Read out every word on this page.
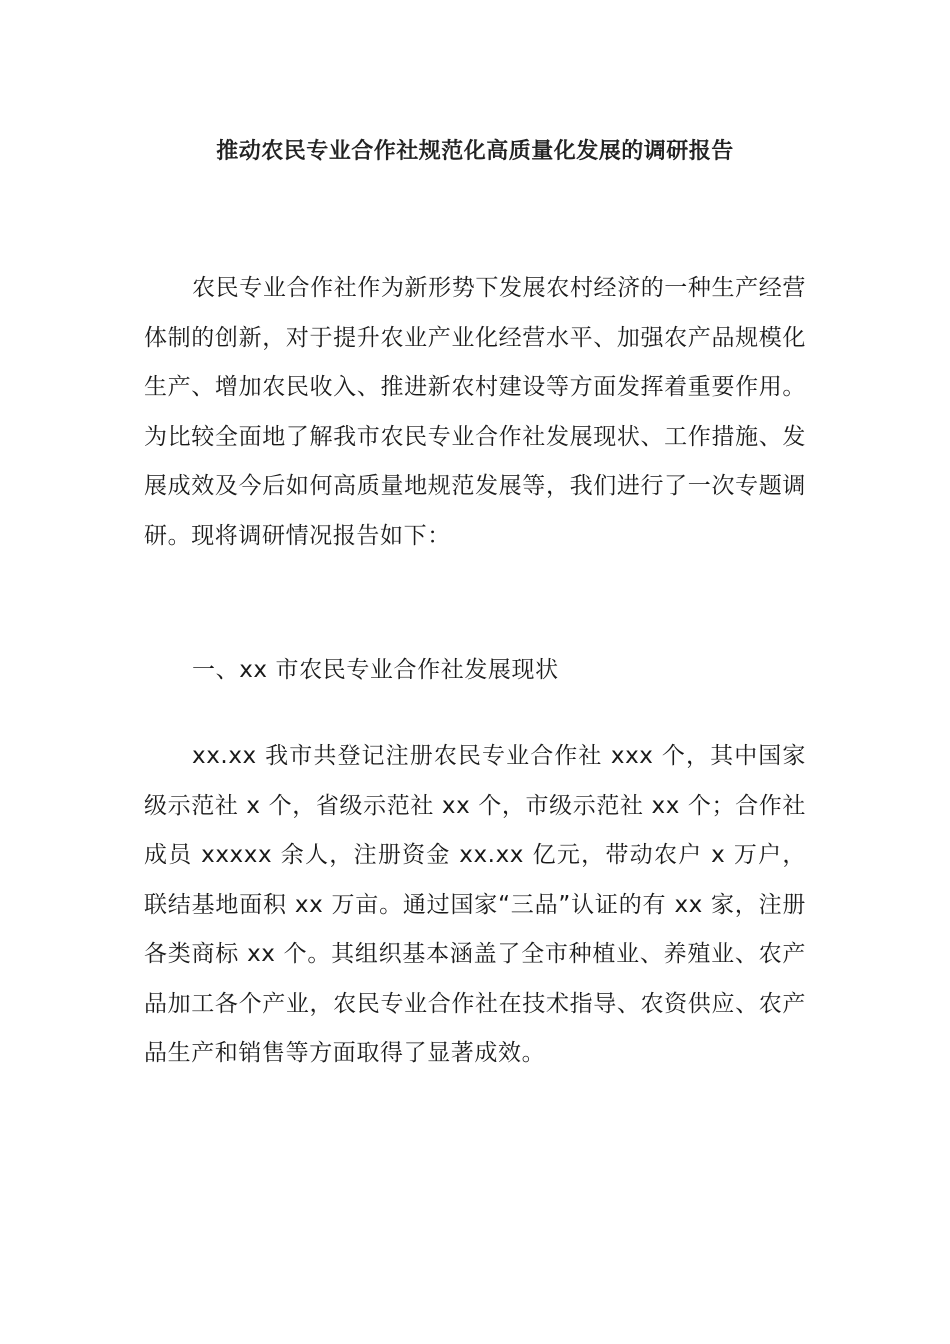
推动农民专业合作社规范化高质量化发展的调研报告

农民专业合作社作为新形势下发展农村经济的一种生产经营体制的创新，对于提升农业产业化经营水平、加强农产品规模化生产、增加农民收入、推进新农村建设等方面发挥着重要作用。为比较全面地了解我市农民专业合作社发展现状、工作措施、发展成效及今后如何高质量地规范发展等，我们进行了一次专题调研。现将调研情况报告如下：

一、xx 市农民专业合作社发展现状

xx.xx 我市共登记注册农民专业合作社 xxx 个，其中国家级示范社 x 个，省级示范社 xx 个，市级示范社 xx 个；合作社成员 xxxxx 余人，注册资金 xx.xx 亿元，带动农户 x 万户，联结基地面积 xx 万亩。通过国家“三品”认证的有 xx 家，注册各类商标 xx 个。其组织基本涵盖了全市种植业、养殖业、农产品加工各个产业，农民专业合作社在技术指导、农资供应、农产品生产和销售等方面取得了显著成效。
